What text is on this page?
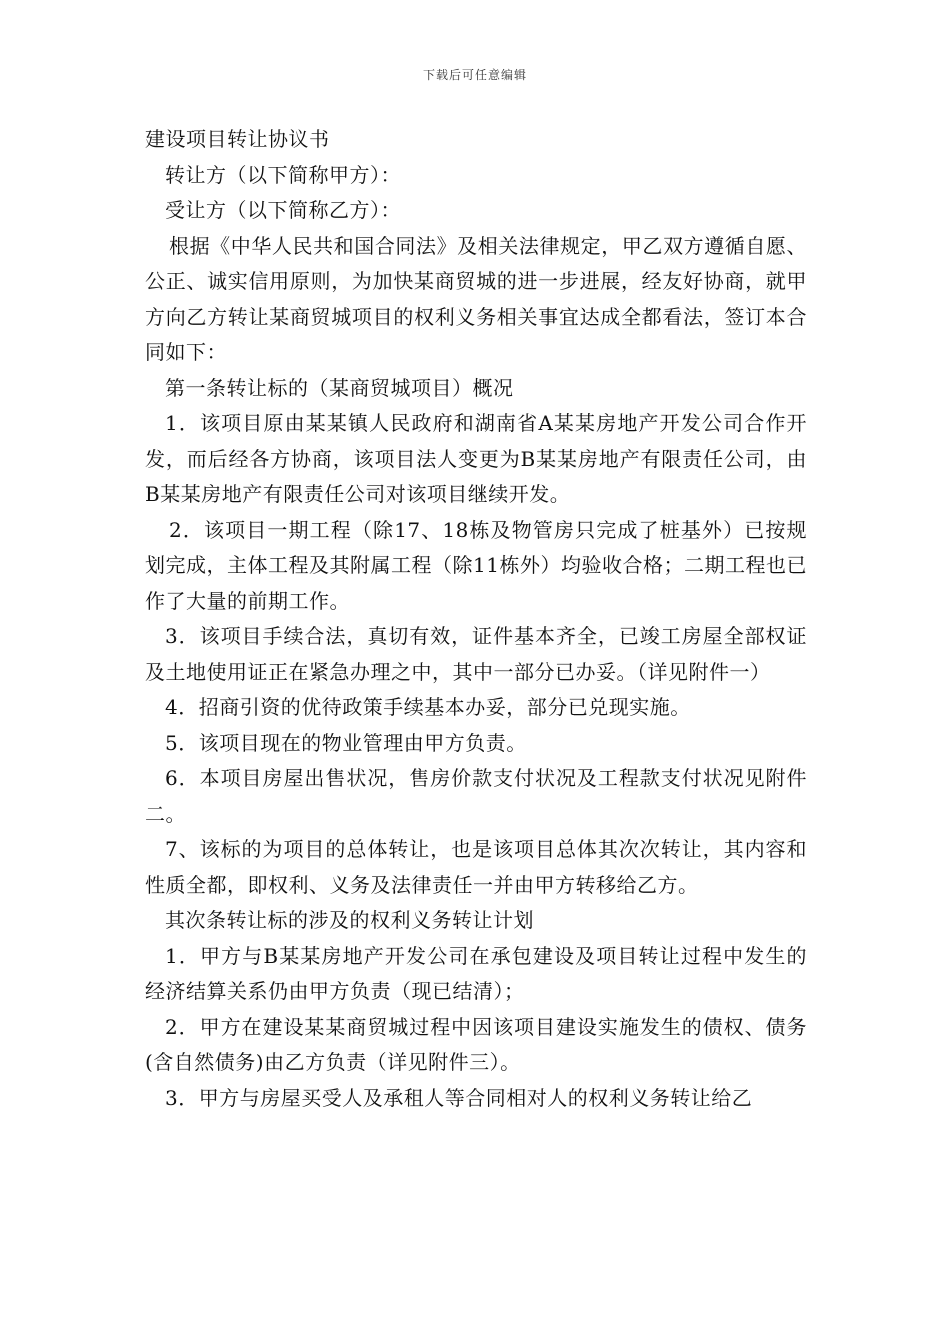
下载后可任意编辑

建设项目转让协议书

转让方（以下简称甲方）：

受让方（以下简称乙方）：

根据《中华人民共和国合同法》及相关法律规定，甲乙双方遵循自愿、公正、诚实信用原则，为加快某商贸城的进一步进展，经友好协商，就甲方向乙方转让某商贸城项目的权利义务相关事宜达成全都看法，签订本合同如下：

第一条转让标的（某商贸城项目）概况

1．该项目原由某某镇人民政府和湖南省A某某房地产开发公司合作开发，而后经各方协商，该项目法人变更为B某某房地产有限责任公司，由B某某房地产有限责任公司对该项目继续开发。

2．该项目一期工程（除17、18栋及物管房只完成了桩基外）已按规划完成，主体工程及其附属工程（除11栋外）均验收合格；二期工程也已作了大量的前期工作。

3．该项目手续合法，真切有效，证件基本齐全，已竣工房屋全部权证及土地使用证正在紧急办理之中，其中一部分已办妥。（详见附件一）

4．招商引资的优待政策手续基本办妥，部分已兑现实施。

5．该项目现在的物业管理由甲方负责。

6．本项目房屋出售状况，售房价款支付状况及工程款支付状况见附件二。

7、该标的为项目的总体转让，也是该项目总体其次次转让，其内容和性质全都，即权利、义务及法律责任一并由甲方转移给乙方。

其次条转让标的涉及的权利义务转让计划

1．甲方与B某某房地产开发公司在承包建设及项目转让过程中发生的经济结算关系仍由甲方负责（现已结清）；

2．甲方在建设某某商贸城过程中因该项目建设实施发生的债权、债务(含自然债务)由乙方负责（详见附件三）。

3．甲方与房屋买受人及承租人等合同相对人的权利义务转让给乙
